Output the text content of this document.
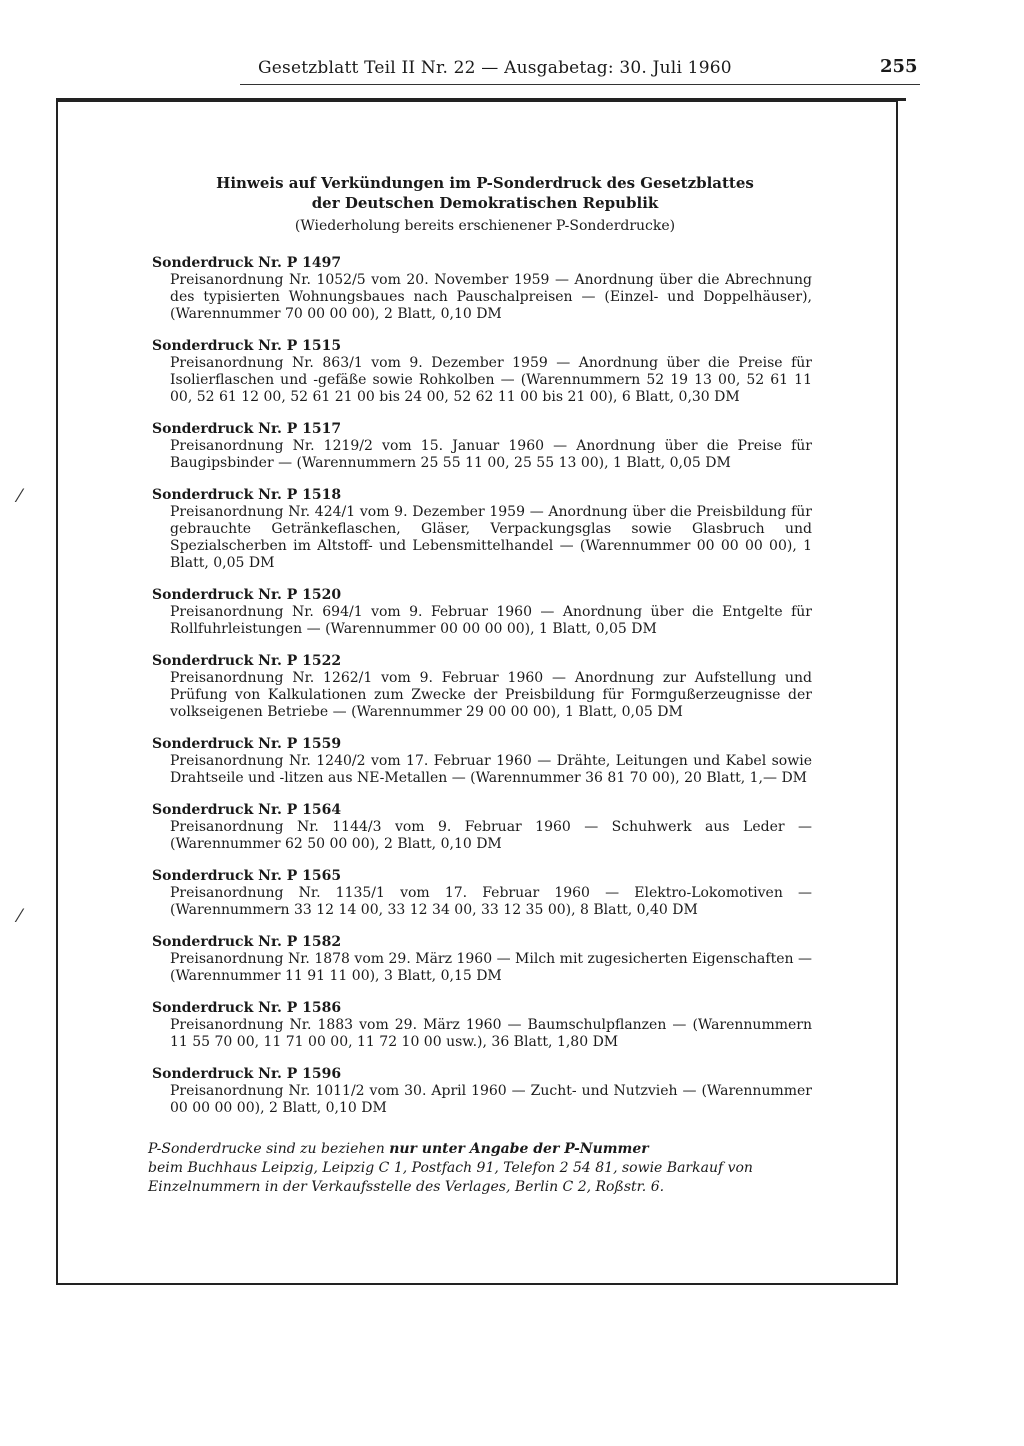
Gesetzblatt Teil II Nr. 22 — Ausgabetag: 30. Juli 1960	255
Hinweis auf Verkündungen im P-Sonderdruck des Gesetzblattes
der Deutschen Demokratischen Republik
(Wiederholung bereits erschienener P-Sonderdrucke)
Sonderdruck Nr. P 1497
Preisanordnung Nr. 1052/5 vom 20. November 1959 — Anordnung über die Abrechnung des typisierten Wohnungsbaues nach Pauschalpreisen — (Einzel- und Doppelhäuser), (Warennummer 70 00 00 00), 2 Blatt, 0,10 DM
Sonderdruck Nr. P 1515
Preisanordnung Nr. 863/1 vom 9. Dezember 1959 — Anordnung über die Preise für Isolierflaschen und -gefäße sowie Rohkolben — (Warennummern 52 19 13 00, 52 61 11 00, 52 61 12 00, 52 61 21 00 bis 24 00, 52 62 11 00 bis 21 00), 6 Blatt, 0,30 DM
Sonderdruck Nr. P 1517
Preisanordnung Nr. 1219/2 vom 15. Januar 1960 — Anordnung über die Preise für Baugipsbinder — (Warennummern 25 55 11 00, 25 55 13 00), 1 Blatt, 0,05 DM
Sonderdruck Nr. P 1518
Preisanordnung Nr. 424/1 vom 9. Dezember 1959 — Anordnung über die Preisbildung für gebrauchte Getränkeflaschen, Gläser, Verpackungsglas sowie Glasbruch und Spezialscherben im Altstoff- und Lebensmittelhandel — (Warennummer 00 00 00 00), 1 Blatt, 0,05 DM
Sonderdruck Nr. P 1520
Preisanordnung Nr. 694/1 vom 9. Februar 1960 — Anordnung über die Entgelte für Rollfuhrleistungen — (Warennummer 00 00 00 00), 1 Blatt, 0,05 DM
Sonderdruck Nr. P 1522
Preisanordnung Nr. 1262/1 vom 9. Februar 1960 — Anordnung zur Aufstellung und Prüfung von Kalkulationen zum Zwecke der Preisbildung für Formgußerzeugnisse der volkseigenen Betriebe — (Warennummer 29 00 00 00), 1 Blatt, 0,05 DM
Sonderdruck Nr. P 1559
Preisanordnung Nr. 1240/2 vom 17. Februar 1960 — Drähte, Leitungen und Kabel sowie Drahtseile und -litzen aus NE-Metallen — (Warennummer 36 81 70 00), 20 Blatt, 1,— DM
Sonderdruck Nr. P 1564
Preisanordnung Nr. 1144/3 vom 9. Februar 1960 — Schuhwerk aus Leder — (Warennummer 62 50 00 00), 2 Blatt, 0,10 DM
Sonderdruck Nr. P 1565
Preisanordnung Nr. 1135/1 vom 17. Februar 1960 — Elektro-Lokomotiven — (Warennummern 33 12 14 00, 33 12 34 00, 33 12 35 00), 8 Blatt, 0,40 DM
Sonderdruck Nr. P 1582
Preisanordnung Nr. 1878 vom 29. März 1960 — Milch mit zugesicherten Eigenschaften — (Warennummer 11 91 11 00), 3 Blatt, 0,15 DM
Sonderdruck Nr. P 1586
Preisanordnung Nr. 1883 vom 29. März 1960 — Baumschulpflanzen — (Warennummern 11 55 70 00, 11 71 00 00, 11 72 10 00 usw.), 36 Blatt, 1,80 DM
Sonderdruck Nr. P 1596
Preisanordnung Nr. 1011/2 vom 30. April 1960 — Zucht- und Nutzvieh — (Warennummer 00 00 00 00), 2 Blatt, 0,10 DM
P-Sonderdrucke sind zu beziehen nur unter Angabe der P-Nummer
beim Buchhaus Leipzig, Leipzig C 1, Postfach 91, Telefon 2 54 81, sowie Barkauf von Einzelnummern in der Verkaufsstelle des Verlages, Berlin C 2, Roßstr. 6.
⁄
⁄
